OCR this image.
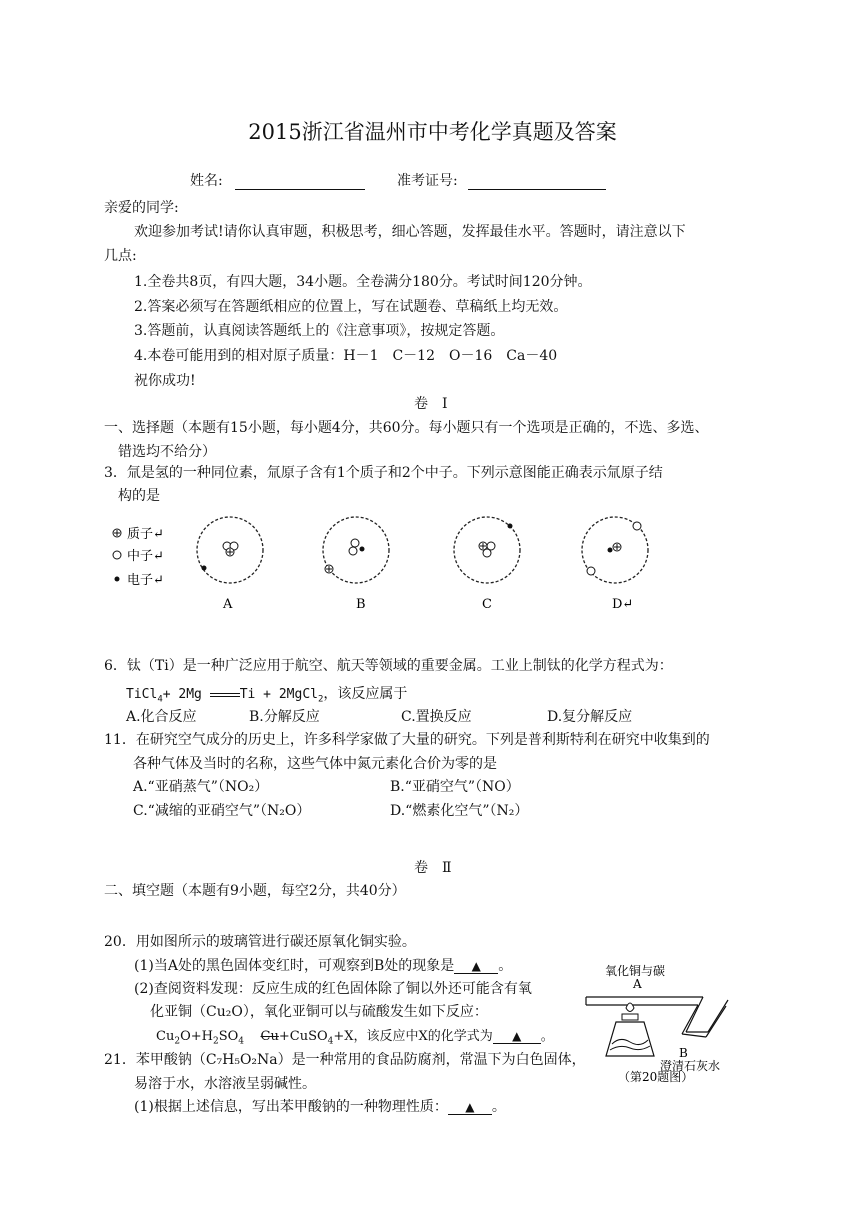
2015浙江省温州市中考化学真题及答案
姓名:	准考证号:
亲爱的同学:
欢迎参加考试!请你认真审题，积极思考，细心答题，发挥最佳水平。答题时，请注意以下
几点:
1.全卷共8页，有四大题，34小题。全卷满分180分。考试时间120分钟。
2.答案必须写在答题纸相应的位置上，写在试题卷、草稿纸上均无效。
3.答题前，认真阅读答题纸上的《注意事项》，按规定答题。
4.本卷可能用到的相对原子质量：H－1　C－12　O－16　Ca－40
祝你成功!
卷　Ⅰ
一、选择题（本题有15小题，每小题4分，共60分。每小题只有一个选项是正确的，不选、多选、
错选均不给分）
3．氚是氢的一种同位素，氚原子含有1个质子和2个中子。下列示意图能正确表示氚原子结
构的是
质子↵
中子↵
电子↵
A	B	C	D↵
6．钛（Ti）是一种广泛应用于航空、航天等领域的重要金属。工业上制钛的化学方程式为：
TiCl$_4$+ 2Mg Ti + 2MgCl$_2$，该反应属于
A.化合反应	B.分解反应	C.置换反应	D.复分解反应
11．在研究空气成分的历史上，许多科学家做了大量的研究。下列是普利斯特利在研究中收集到的
各种气体及当时的名称，这些气体中氮元素化合价为零的是
A.“亚硝蒸气”（NO₂）	B.“亚硝空气”（NO）
C.“减缩的亚硝空气”（N₂O）	D.“燃素化空气”（N₂）
卷　Ⅱ
二、填空题（本题有9小题，每空2分，共40分）
20．用如图所示的玻璃管进行碳还原氧化铜实验。
(1)当A处的黑色固体变红时，可观察到B处的现象是 ▲ 。
(2)查阅资料发现：反应生成的红色固体除了铜以外还可能含有氧
化亚铜（Cu₂O），氧化亚铜可以与硫酸发生如下反应：
$Cu_2O+H_2SO_4$ Cu+CuSO$_4$+X，该反应中X的化学式为 ▲ 。
氧化铜与碳
A
B
澄清石灰水
（第20题图）
21．苯甲酸钠（C₇H₅O₂Na）是一种常用的食品防腐剂，常温下为白色固体，
易溶于水，水溶液呈弱碱性。
(1)根据上述信息，写出苯甲酸钠的一种物理性质： ▲ 。
